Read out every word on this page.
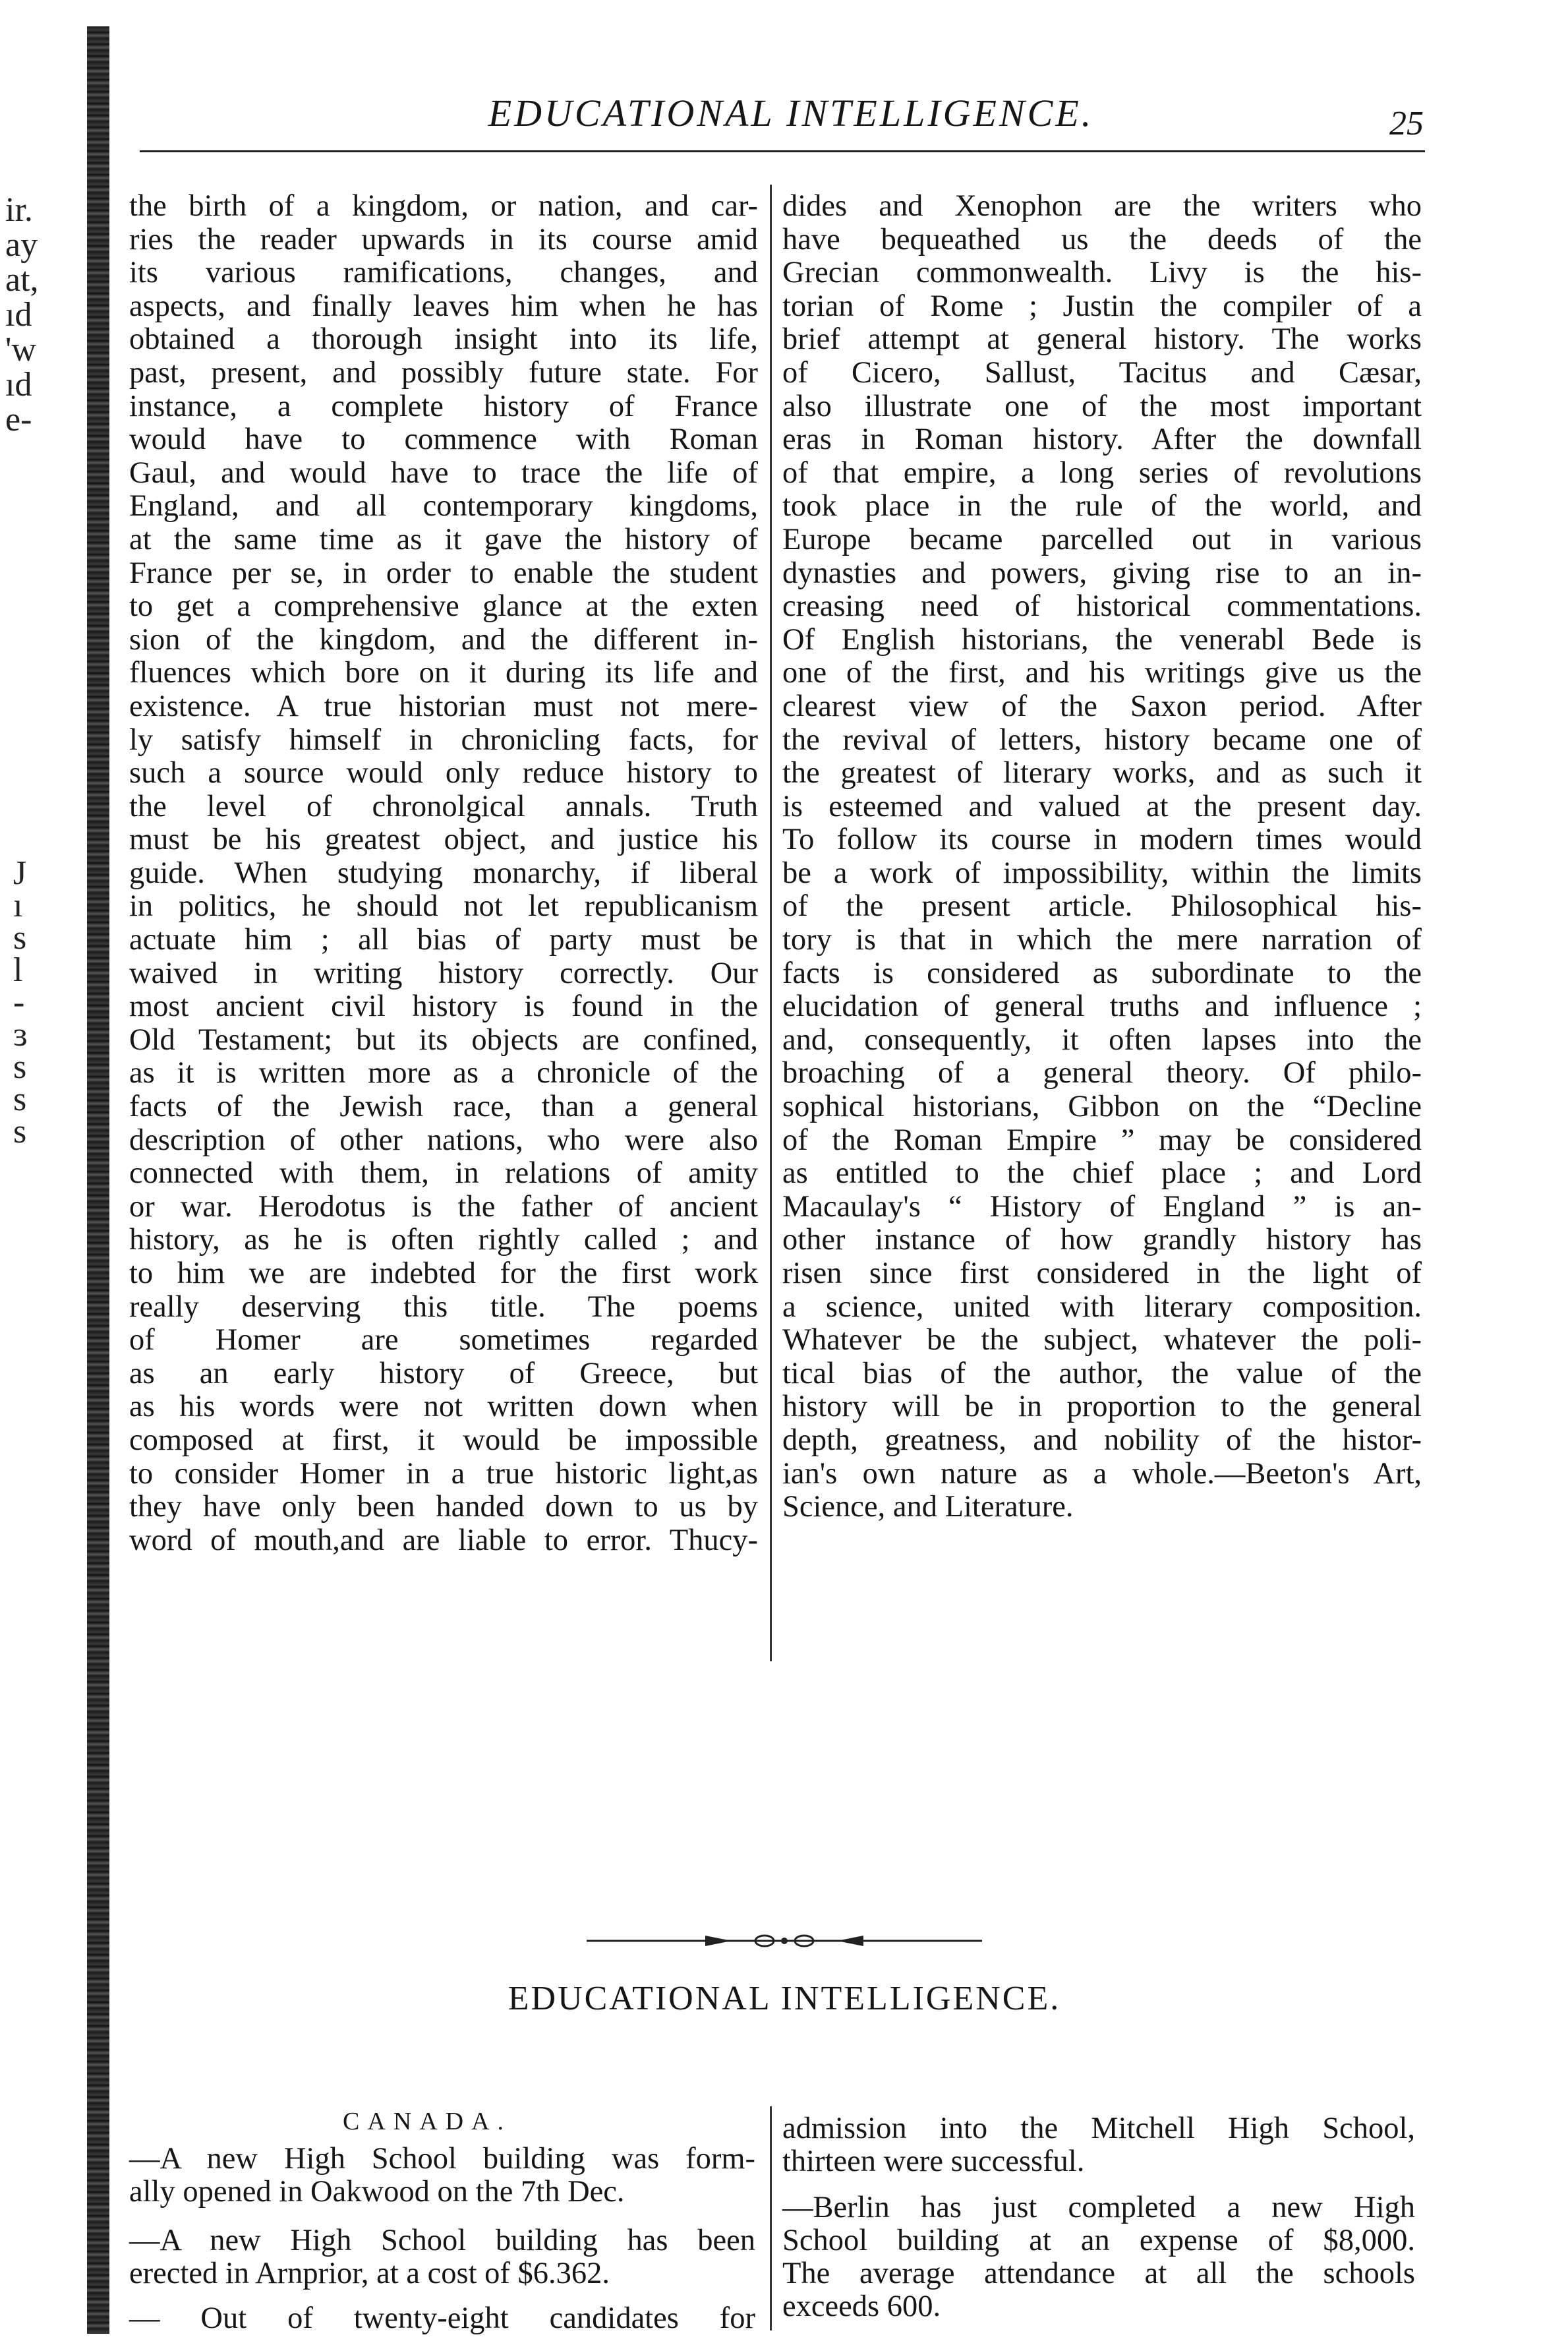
ir.
ay
at,
ıd
'w
ıd
e-
J
ı
s
l
-
ɜ
s
s
s
EDUCATIONAL INTELLIGENCE.	25
the birth of a kingdom, or nation, and car-
ries the reader upwards in its course amid
its various ramifications, changes, and
aspects, and finally leaves him when he has
obtained a thorough insight into its life,
past, present, and possibly future state. For
instance, a complete history of France
would have to commence with Roman
Gaul, and would have to trace the life of
England, and all contemporary kingdoms,
at the same time as it gave the history of
France per se, in order to enable the student
to get a comprehensive glance at the exten
sion of the kingdom, and the different in-
fluences which bore on it during its life and
existence. A true historian must not mere-
ly satisfy himself in chronicling facts, for
such a source would only reduce history to
the level of chronolgical annals. Truth
must be his greatest object, and justice his
guide. When studying monarchy, if liberal
in politics, he should not let republicanism
actuate him ; all bias of party must be
waived in writing history correctly. Our
most ancient civil history is found in the
Old Testament; but its objects are confined,
as it is written more as a chronicle of the
facts of the Jewish race, than a general
description of other nations, who were also
connected with them, in relations of amity
or war. Herodotus is the father of ancient
history, as he is often rightly called ; and
to him we are indebted for the first work
really deserving this title. The poems
of Homer are sometimes regarded
as an early history of Greece, but
as his words were not written down when
composed at first, it would be impossible
to consider Homer in a true historic light,as
they have only been handed down to us by
word of mouth,and are liable to error. Thucy-
dides and Xenophon are the writers who
have bequeathed us the deeds of the
Grecian commonwealth. Livy is the his-
torian of Rome ; Justin the compiler of a
brief attempt at general history. The works
of Cicero, Sallust, Tacitus and Cæsar,
also illustrate one of the most important
eras in Roman history. After the downfall
of that empire, a long series of revolutions
took place in the rule of the world, and
Europe became parcelled out in various
dynasties and powers, giving rise to an in-
creasing need of historical commentations.
Of English historians, the venerabl Bede is
one of the first, and his writings give us the
clearest view of the Saxon period. After
the revival of letters, history became one of
the greatest of literary works, and as such it
is esteemed and valued at the present day.
To follow its course in modern times would
be a work of impossibility, within the limits
of the present article. Philosophical his-
tory is that in which the mere narration of
facts is considered as subordinate to the
elucidation of general truths and influence ;
and, consequently, it often lapses into the
broaching of a general theory. Of philo-
sophical historians, Gibbon on the “Decline
of the Roman Empire ” may be considered
as entitled to the chief place ; and Lord
Macaulay's “ History of England ” is an-
other instance of how grandly history has
risen since first considered in the light of
a science, united with literary composition.
Whatever be the subject, whatever the poli-
tical bias of the author, the value of the
history will be in proportion to the general
depth, greatness, and nobility of the histor-
ian's own nature as a whole.—Beeton's Art,
Science, and Literature.
EDUCATIONAL INTELLIGENCE.
CANADA.
—A new High School building was form-
ally opened in Oakwood on the 7th Dec.
—A new High School building has been
erected in Arnprior, at a cost of $6.362.
— Out of twenty-eight candidates for
admission into the Mitchell High School,
thirteen were successful.
—Berlin has just completed a new High
School building at an expense of $8,000.
The average attendance at all the schools
exceeds 600.
